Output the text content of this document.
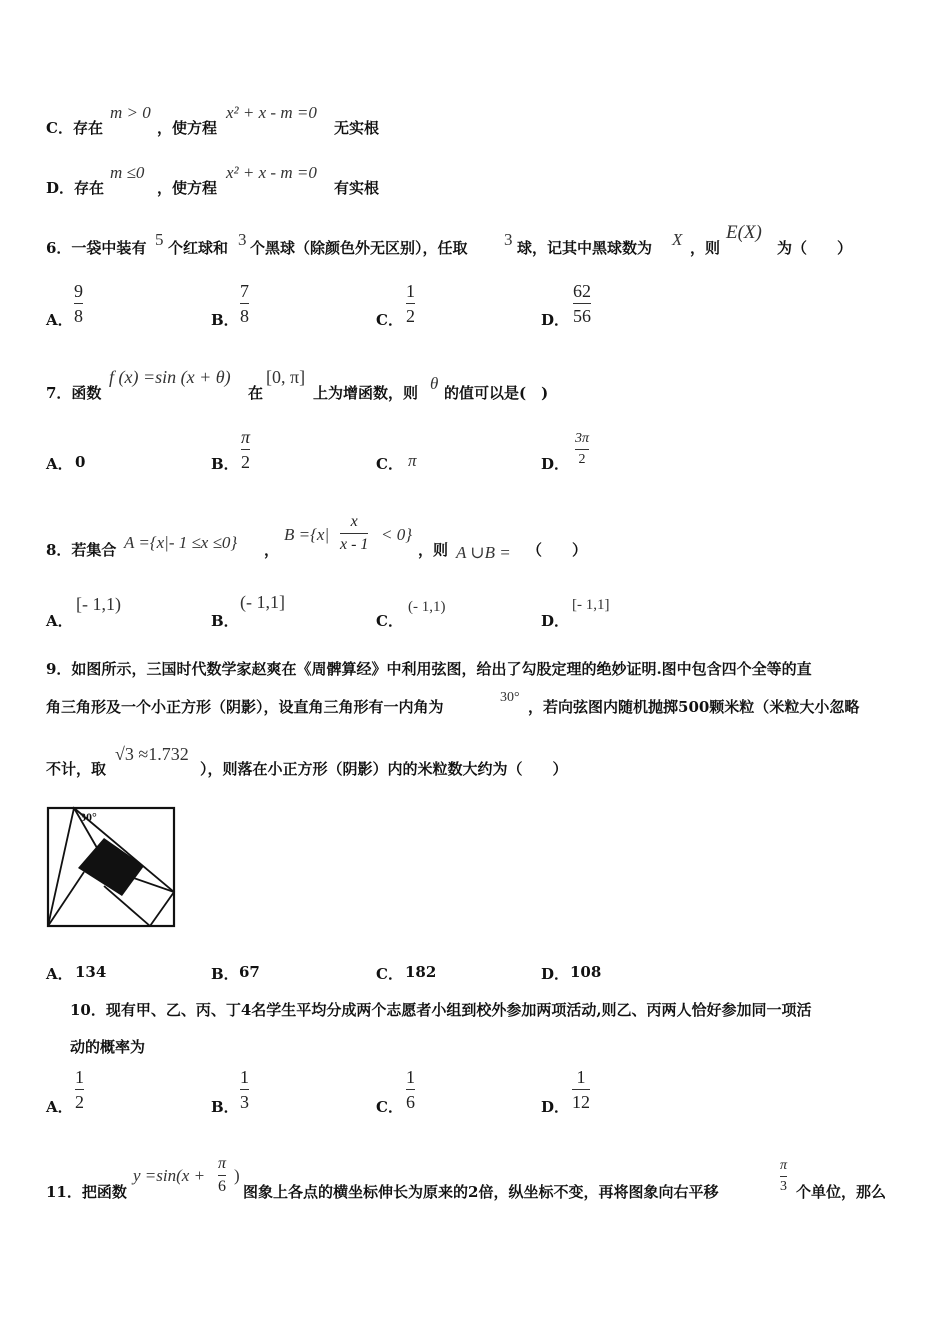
C．存在
m > 0
，使方程
x² + x - m =0
无实根
D．存在
m ≤0
，使方程
x² + x - m =0
有实根
6．一袋中装有 5 个红球和 3 个黑球（除颜色外无区别），任取 3 球，记其中黑球数为 X ，则
E(X)
为（　　）
A．
9
8	B．
7
8	C．
1
2	D．
62
56
7．函数
f (x) =sin (x + θ)
在
[0, π]
上为增函数，则 θ 的值可以是(　)
A． 0	B．
π
2	C． π	D．
3π
2
8．若集合 A ={x|- 1 ≤x ≤0} ，
B ={x|
x
x - 1
< 0}
，则 A ∪B = （　　）
A．
[- 1,1)
B．
(- 1,1]
C．
(- 1,1)
D．
[- 1,1]
9．如图所示，三国时代数学家赵爽在《周髀算经》中利用弦图，给出了勾股定理的绝妙证明.图中包含四个全等的直
角三角形及一个小正方形（阴影），设直角三角形有一内角为
30°
，若向弦图内随机抛掷500颗米粒（米粒大小忽略
不计，取
√3 ≈1.732
），则落在小正方形（阴影）内的米粒数大约为（　　）
30°
A． 134	B． 67	C． 182	D． 108
10．现有甲、乙、丙、丁4名学生平均分成两个志愿者小组到校外参加两项活动,则乙、丙两人恰好参加同一项活
动的概率为
A．
1
2	B．
1
3	C．
1
6	D．
1
12
11．把函数
y =sin(x +
π
6
)
图象上各点的横坐标伸长为原来的2倍，纵坐标不变，再将图象向右平移
π
3 个单位，那么
